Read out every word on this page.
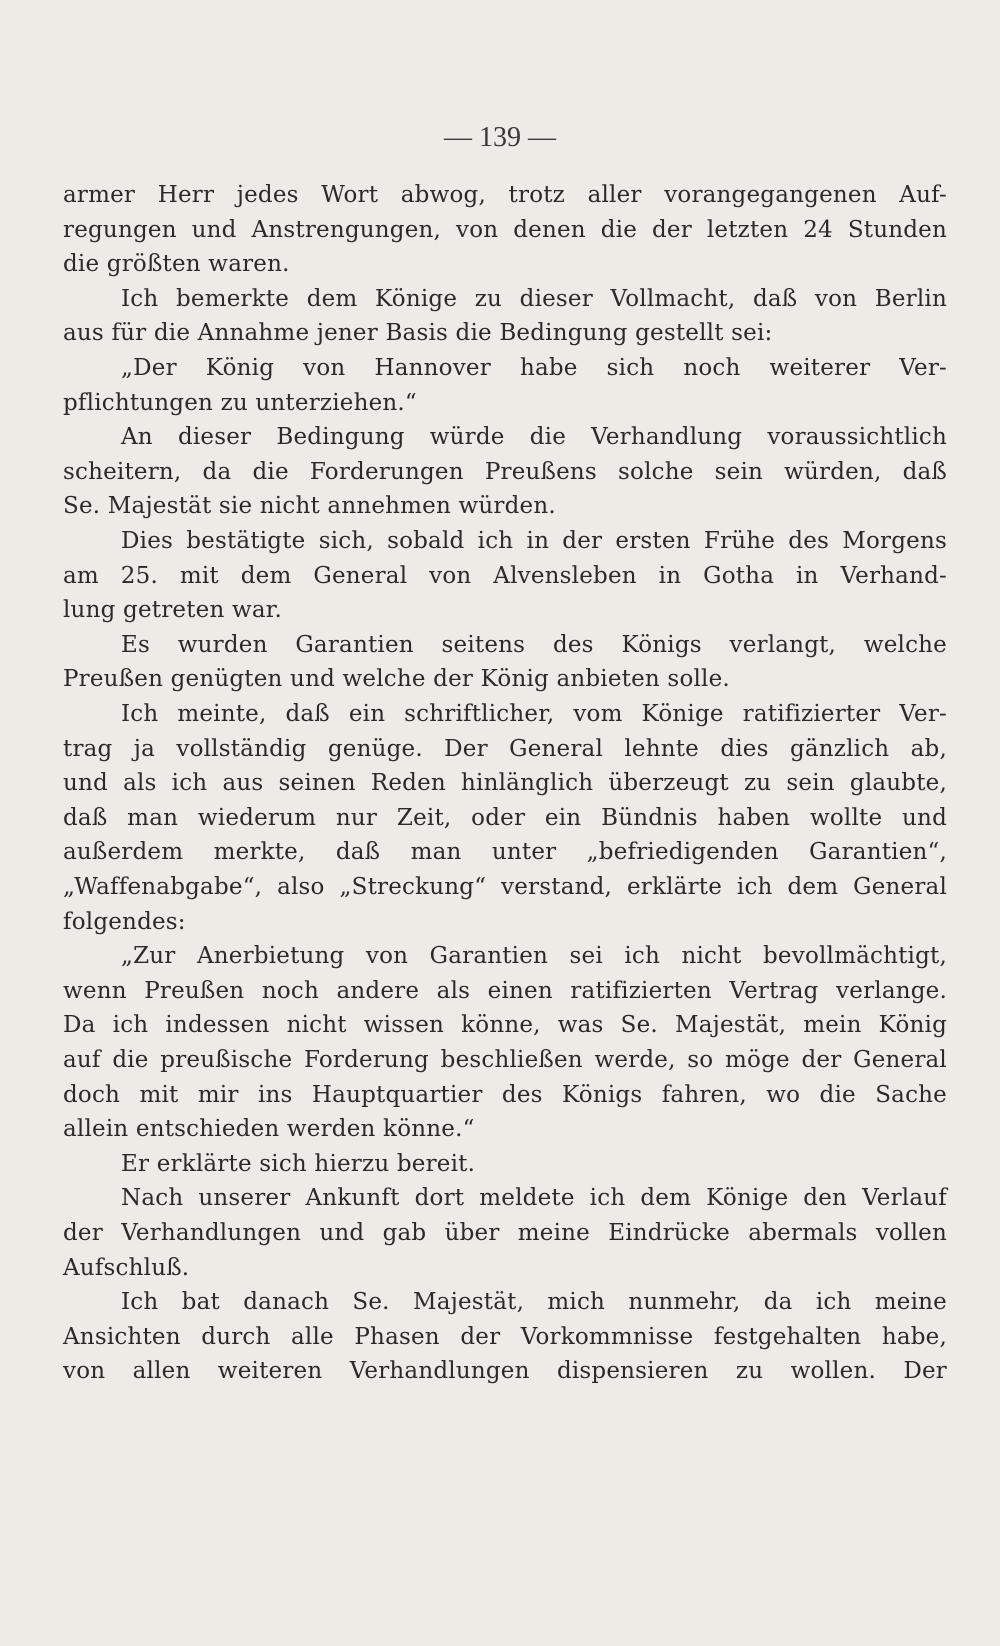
— 139 —
armer Herr jedes Wort abwog, trotz aller vorangegangenen Auf-
regungen und Anstrengungen, von denen die der letzten 24 Stunden
die größten waren.
Ich bemerkte dem Könige zu dieser Vollmacht, daß von Berlin
aus für die Annahme jener Basis die Bedingung gestellt sei:
„Der König von Hannover habe sich noch weiterer Ver-
pflichtungen zu unterziehen.“
An dieser Bedingung würde die Verhandlung voraussichtlich
scheitern, da die Forderungen Preußens solche sein würden, daß
Se. Majestät sie nicht annehmen würden.
Dies bestätigte sich, sobald ich in der ersten Frühe des Morgens
am 25. mit dem General von Alvensleben in Gotha in Verhand-
lung getreten war.
Es wurden Garantien seitens des Königs verlangt, welche
Preußen genügten und welche der König anbieten solle.
Ich meinte, daß ein schriftlicher, vom Könige ratifizierter Ver-
trag ja vollständig genüge. Der General lehnte dies gänzlich ab,
und als ich aus seinen Reden hinlänglich überzeugt zu sein glaubte,
daß man wiederum nur Zeit, oder ein Bündnis haben wollte und
außerdem merkte, daß man unter „befriedigenden Garantien“,
„Waffenabgabe“, also „Streckung“ verstand, erklärte ich dem General
folgendes:
„Zur Anerbietung von Garantien sei ich nicht bevollmächtigt,
wenn Preußen noch andere als einen ratifizierten Vertrag verlange.
Da ich indessen nicht wissen könne, was Se. Majestät, mein König
auf die preußische Forderung beschließen werde, so möge der General
doch mit mir ins Hauptquartier des Königs fahren, wo die Sache
allein entschieden werden könne.“
Er erklärte sich hierzu bereit.
Nach unserer Ankunft dort meldete ich dem Könige den Verlauf
der Verhandlungen und gab über meine Eindrücke abermals vollen
Aufschluß.
Ich bat danach Se. Majestät, mich nunmehr, da ich meine
Ansichten durch alle Phasen der Vorkommnisse festgehalten habe,
von allen weiteren Verhandlungen dispensieren zu wollen. Der
